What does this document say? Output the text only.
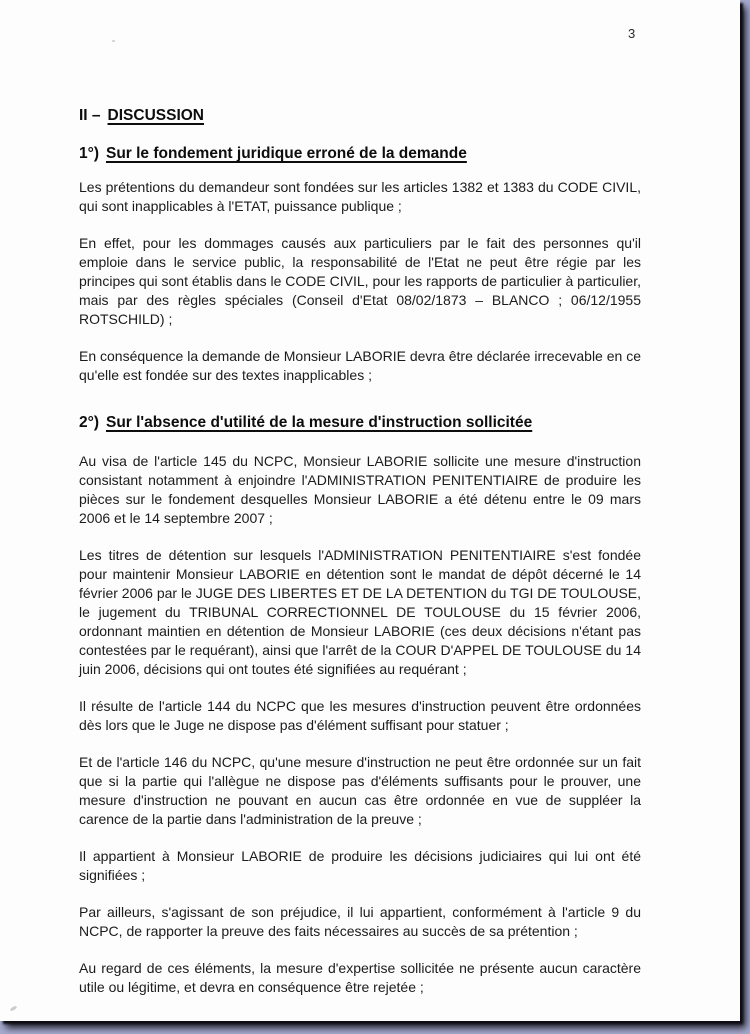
3
II – DISCUSSION
1°) Sur le fondement juridique erroné de la demande

Les prétentions du demandeur sont fondées sur les articles 1382 et 1383 du CODE CIVIL, qui sont inapplicables à l'ETAT, puissance publique ;

En effet, pour les dommages causés aux particuliers par le fait des personnes qu'il emploie dans le service public, la responsabilité de l'Etat ne peut être régie par les principes qui sont établis dans le CODE CIVIL, pour les rapports de particulier à particulier, mais par des règles spéciales (Conseil d'Etat 08/02/1873 – BLANCO ; 06/12/1955 ROTSCHILD) ;

En conséquence la demande de Monsieur LABORIE devra être déclarée irrecevable en ce qu'elle est fondée sur des textes inapplicables ;

2°) Sur l'absence d'utilité de la mesure d'instruction sollicitée

Au visa de l'article 145 du NCPC, Monsieur LABORIE sollicite une mesure d'instruction consistant notamment à enjoindre l'ADMINISTRATION PENITENTIAIRE de produire les pièces sur le fondement desquelles Monsieur LABORIE a été détenu entre le 09 mars 2006 et le 14 septembre 2007 ;

Les titres de détention sur lesquels l'ADMINISTRATION PENITENTIAIRE s'est fondée pour maintenir Monsieur LABORIE en détention sont le mandat de dépôt décerné le 14 février 2006 par le JUGE DES LIBERTES ET DE LA DETENTION du TGI DE TOULOUSE, le jugement du TRIBUNAL CORRECTIONNEL DE TOULOUSE du 15 février 2006, ordonnant maintien en détention de Monsieur LABORIE (ces deux décisions n'étant pas contestées par le requérant), ainsi que l'arrêt de la COUR D'APPEL DE TOULOUSE du 14 juin 2006, décisions qui ont toutes été signifiées au requérant ;

Il résulte de l'article 144 du NCPC que les mesures d'instruction peuvent être ordonnées dès lors que le Juge ne dispose pas d'élément suffisant pour statuer ;

Et de l'article 146 du NCPC, qu'une mesure d'instruction ne peut être ordonnée sur un fait que si la partie qui l'allègue ne dispose pas d'éléments suffisants pour le prouver, une mesure d'instruction ne pouvant en aucun cas être ordonnée en vue de suppléer la carence de la partie dans l'administration de la preuve ;

Il appartient à Monsieur LABORIE de produire les décisions judiciaires qui lui ont été signifiées ;

Par ailleurs, s'agissant de son préjudice, il lui appartient, conformément à l'article 9 du NCPC, de rapporter la preuve des faits nécessaires au succès de sa prétention ;

Au regard de ces éléments, la mesure d'expertise sollicitée ne présente aucun caractère utile ou légitime, et devra en conséquence être rejetée ;
